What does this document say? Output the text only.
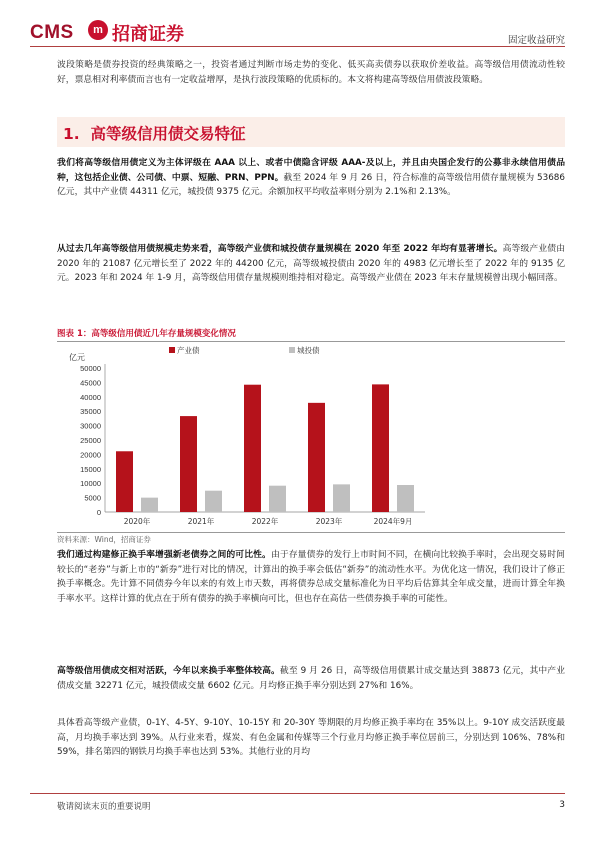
CMS	m 招商证券	固定收益研究

波段策略是债券投资的经典策略之一，投资者通过判断市场走势的变化、低买高卖债券以获取价差收益。高等级信用债流动性较好，票息相对利率债而言也有一定收益增厚，是执行波段策略的优质标的。本文将构建高等级信用债波段策略。

1. 高等级信用债交易特征

我们将高等级信用债定义为主体评级在 AAA 以上、或者中债隐含评级 AAA-及以上，并且由央国企发行的公募非永续信用债品种，这包括企业债、公司债、中票、短融、PRN、PPN。截至 2024 年 9 月 26 日，符合标准的高等级信用债存量规模为 53686 亿元，其中产业债 44311 亿元，城投债 9375 亿元。余额加权平均收益率则分别为 2.1%和 2.13%。

从过去几年高等级信用债规模走势来看，高等级产业债和城投债存量规模在 2020 年至 2022 年均有显著增长。高等级产业债由 2020 年的 21087 亿元增长至了 2022 年的 44200 亿元，高等级城投债由 2020 年的 4983 亿元增长至了 2022 年的 9135 亿元。2023 年和 2024 年 1-9 月，高等级信用债存量规模则维持相对稳定。高等级产业债在 2023 年末存量规模曾出现小幅回落。

图表 1：高等级信用债近几年存量规模变化情况
亿元
0
5000
10000
15000
20000
25000
30000
35000
40000
45000
50000
2020年	2021年	2022年	2023年	2024年9月
产业债	城投债
资料来源：Wind，招商证券

我们通过构建修正换手率增强新老债券之间的可比性。由于存量债券的发行上市时间不同，在横向比较换手率时，会出现交易时间较长的“老券”与新上市的“新券”进行对比的情况，计算出的换手率会低估“新券”的流动性水平。为优化这一情况，我们设计了修正换手率概念。先计算不同债券今年以来的有效上市天数，再将债券总成交量标准化为日平均后估算其全年成交量，进而计算全年换手率水平。这样计算的优点在于所有债券的换手率横向可比，但也存在高估一些债券换手率的可能性。

高等级信用债成交相对活跃，今年以来换手率整体较高。截至 9 月 26 日，高等级信用债累计成交量达到 38873 亿元，其中产业债成交量 32271 亿元，城投债成交量 6602 亿元。月均修正换手率分别达到 27%和 16%。

具体看高等级产业债，0-1Y、4-5Y、9-10Y、10-15Y 和 20-30Y 等期限的月均修正换手率均在 35%以上。9-10Y 成交活跃度最高，月均换手率达到 39%。从行业来看，煤炭、有色金属和传媒等三个行业月均修正换手率位居前三，分别达到 106%、78%和 59%，排名第四的钢铁月均换手率也达到 53%。其他行业的月均

敬请阅读末页的重要说明	3
